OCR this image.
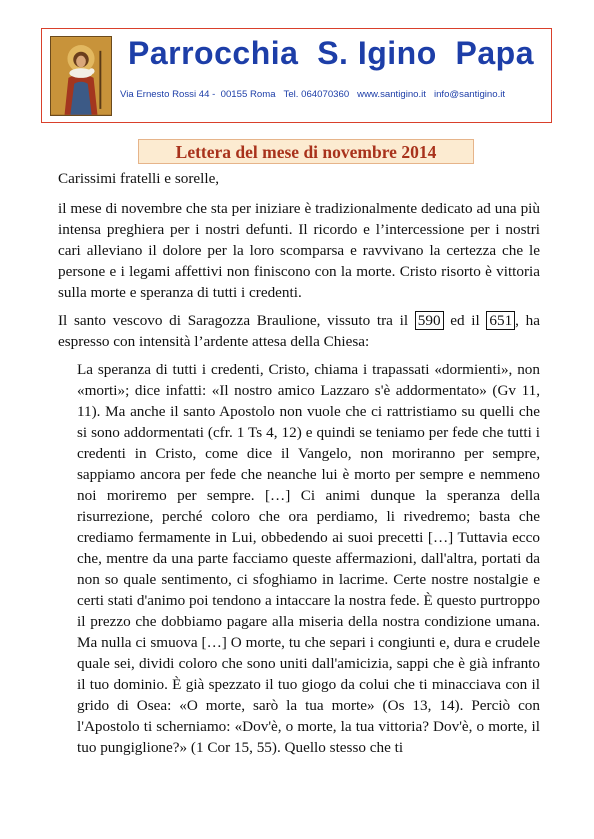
Parrocchia  S. Igino  Papa
Via Ernesto Rossi 44 -  00155 Roma Tel. 064070360 www.santigino.it info@santigino.it
Lettera del mese di novembre 2014

Carissimi fratelli e sorelle,

il mese di novembre che sta per iniziare è tradizionalmente dedicato ad una più intensa preghiera per i nostri defunti. Il ricordo e l’intercessione per i nostri cari alleviano il dolore per la loro scomparsa e ravvivano la certezza che le persone e i legami affettivi non finiscono con la morte. Cristo risorto è vittoria sulla morte e speranza di tutti i credenti.

Il santo vescovo di Saragozza Braulione, vissuto tra il 590 ed il 651 , ha espresso con intensità l’ardente attesa della Chiesa:

La speranza di tutti i credenti, Cristo, chiama i trapassati «dormienti», non «morti»; dice infatti: «Il nostro amico Lazzaro s'è addormentato» (Gv 11, 11). Ma anche il santo Apostolo non vuole che ci rattristiamo su quelli che si sono addormentati (cfr. 1 Ts 4, 12) e quindi se teniamo per fede che tutti i credenti in Cristo, come dice il Vangelo, non moriranno per sempre, sappiamo ancora per fede che neanche lui è morto per sempre e nemmeno noi moriremo per sempre. […] Ci animi dunque la speranza della risurrezione, perché coloro che ora perdiamo, li rivedremo; basta che crediamo fermamente in Lui, obbedendo ai suoi precetti […] Tuttavia ecco che, mentre da una parte facciamo queste affermazioni, dall'altra, portati da non so quale sentimento, ci sfoghiamo in lacrime. Certe nostre nostalgie e certi stati d'animo poi tendono a intaccare la nostra fede. È questo purtroppo il prezzo che dobbiamo pagare alla miseria della nostra condizione umana. Ma nulla ci smuova […] O morte, tu che separi i congiunti e, dura e crudele quale sei, dividi coloro che sono uniti dall'amicizia, sappi che è già infranto il tuo dominio. È già spezzato il tuo giogo da colui che ti minacciava con il grido di Osea: «O morte, sarò la tua morte» (Os 13, 14). Perciò con l'Apostolo ti scherniamo: «Dov'è, o morte, la tua vittoria? Dov'è, o morte, il tuo pungiglione?» (1 Cor 15, 55). Quello stesso che ti
